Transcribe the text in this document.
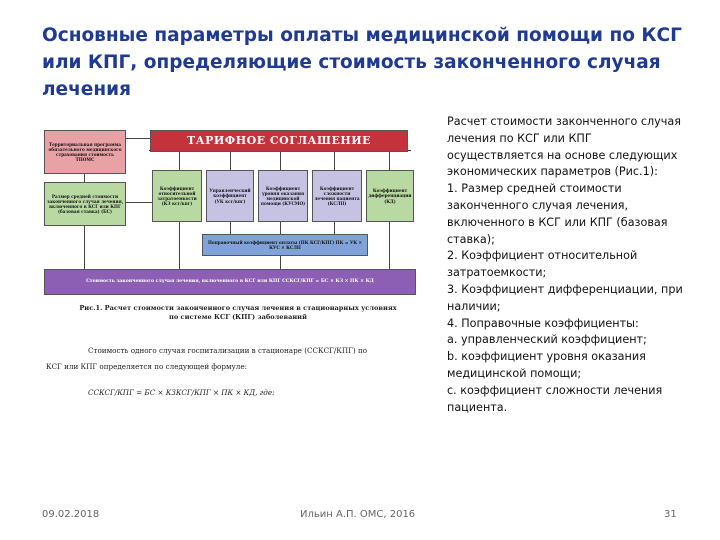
Основные параметры оплаты медицинской помощи по КСГ или КПГ, определяющие стоимость законченного случая лечения
Территориальная программа обязательного медицинского страхования стоимость ТПОМС
ТАРИФНОЕ СОГЛАШЕНИЕ
Размер средней стоимости законченного случая лечения, включенного в КСГ или КПГ (базовая ставка) (БС)
Коэффициент относительной затратоемкости (КЗ кcг/кпг)
Управленческий коэффициент (УК кcг/кпг)
Коэффициент уровня оказания медицинской помощи (КУСМО)
Коэффициент сложности лечения пациента (КСЛП)
Коэффициент дифференциации (КД)
Поправочный коэффициент оплаты (ПК КСГ/КПГ) ПК = УК × КУС × КСЛП
Стоимость законченного случая лечения, включенного в КСГ или КПГ ССКСГ/КПГ = БС × КЗ × ПК × КД
Рис.1. Расчет стоимости законченного случая лечения в стационарных условиях по системе КСГ (КПГ) заболеваний
Стоимость одного случая госпитализации в стационаре (ССКСГ/КПГ) по
КСГ или КПГ определяется по следующей формуле:
ССКСГ/КПГ = БС × КЗКСГ/КПГ × ПК × КД, где:
Расчет стоимости законченного случая
лечения по КСГ или КПГ
осуществляется на основе следующих
экономических параметров (Рис.1):
1. Размер средней стоимости
законченного случая лечения,
включенного в КСГ или КПГ (базовая
ставка);
2. Коэффициент относительной
затратоемкости;
3. Коэффициент дифференциации, при
наличии;
4. Поправочные коэффициенты:
a. управленческий коэффициент;
b. коэффициент уровня оказания
медицинской помощи;
c. коэффициент сложности лечения
пациента.
09.02.2018	Ильин А.П. ОМС, 2016	31
